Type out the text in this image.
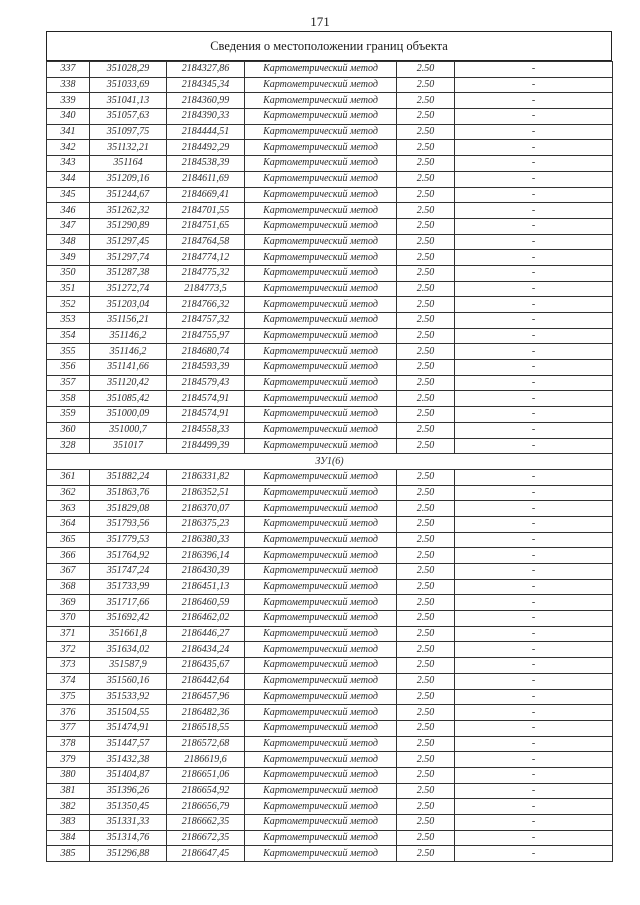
171
Сведения о местоположении границ объекта
337	351028,29	2184327,86	Картометрический метод	2.50	-
338	351033,69	2184345,34	Картометрический метод	2.50	-
339	351041,13	2184360,99	Картометрический метод	2.50	-
340	351057,63	2184390,33	Картометрический метод	2.50	-
341	351097,75	2184444,51	Картометрический метод	2.50	-
342	351132,21	2184492,29	Картометрический метод	2.50	-
343	351164	2184538,39	Картометрический метод	2.50	-
344	351209,16	2184611,69	Картометрический метод	2.50	-
345	351244,67	2184669,41	Картометрический метод	2.50	-
346	351262,32	2184701,55	Картометрический метод	2.50	-
347	351290,89	2184751,65	Картометрический метод	2.50	-
348	351297,45	2184764,58	Картометрический метод	2.50	-
349	351297,74	2184774,12	Картометрический метод	2.50	-
350	351287,38	2184775,32	Картометрический метод	2.50	-
351	351272,74	2184773,5	Картометрический метод	2.50	-
352	351203,04	2184766,32	Картометрический метод	2.50	-
353	351156,21	2184757,32	Картометрический метод	2.50	-
354	351146,2	2184755,97	Картометрический метод	2.50	-
355	351146,2	2184680,74	Картометрический метод	2.50	-
356	351141,66	2184593,39	Картометрический метод	2.50	-
357	351120,42	2184579,43	Картометрический метод	2.50	-
358	351085,42	2184574,91	Картометрический метод	2.50	-
359	351000,09	2184574,91	Картометрический метод	2.50	-
360	351000,7	2184558,33	Картометрический метод	2.50	-
328	351017	2184499,39	Картометрический метод	2.50	-
ЗУ1(6)					
361	351882,24	2186331,82	Картометрический метод	2.50	-
362	351863,76	2186352,51	Картометрический метод	2.50	-
363	351829,08	2186370,07	Картометрический метод	2.50	-
364	351793,56	2186375,23	Картометрический метод	2.50	-
365	351779,53	2186380,33	Картометрический метод	2.50	-
366	351764,92	2186396,14	Картометрический метод	2.50	-
367	351747,24	2186430,39	Картометрический метод	2.50	-
368	351733,99	2186451,13	Картометрический метод	2.50	-
369	351717,66	2186460,59	Картометрический метод	2.50	-
370	351692,42	2186462,02	Картометрический метод	2.50	-
371	351661,8	2186446,27	Картометрический метод	2.50	-
372	351634,02	2186434,24	Картометрический метод	2.50	-
373	351587,9	2186435,67	Картометрический метод	2.50	-
374	351560,16	2186442,64	Картометрический метод	2.50	-
375	351533,92	2186457,96	Картометрический метод	2.50	-
376	351504,55	2186482,36	Картометрический метод	2.50	-
377	351474,91	2186518,55	Картометрический метод	2.50	-
378	351447,57	2186572,68	Картометрический метод	2.50	-
379	351432,38	2186619,6	Картометрический метод	2.50	-
380	351404,87	2186651,06	Картометрический метод	2.50	-
381	351396,26	2186654,92	Картометрический метод	2.50	-
382	351350,45	2186656,79	Картометрический метод	2.50	-
383	351331,33	2186662,35	Картометрический метод	2.50	-
384	351314,76	2186672,35	Картометрический метод	2.50	-
385	351296,88	2186647,45	Картометрический метод	2.50	-
